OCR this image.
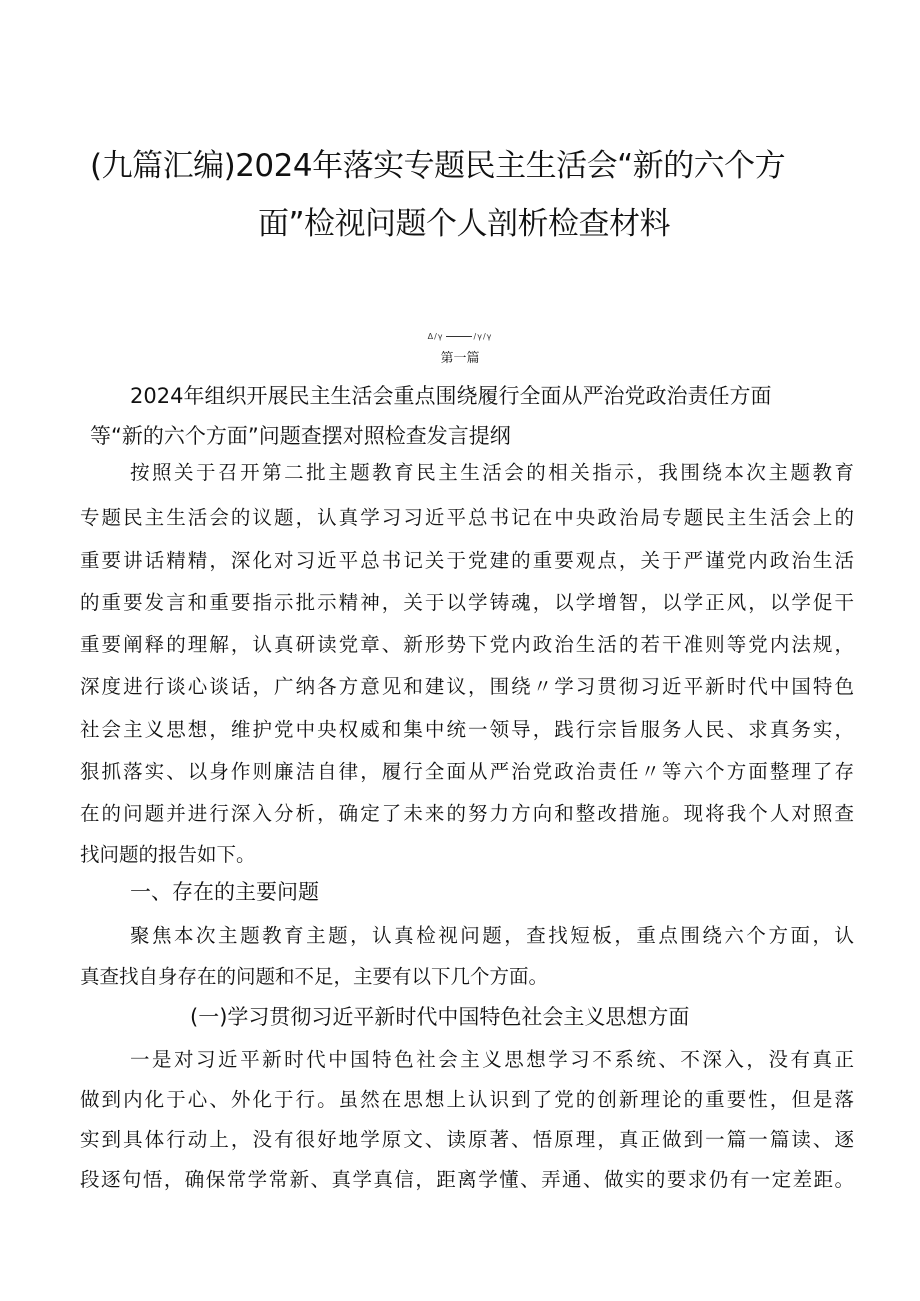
(九篇汇编)2024年落实专题民主生活会“新的六个方
面”检视问题个人剖析检查材料
Δ/γ	/γ/γ
第一篇
2024年组织开展民主生活会重点围绕履行全面从严治党政治责任方面
等“新的六个方面”问题查摆对照检查发言提纲
按照关于召开第二批主题教育民主生活会的相关指示，我围绕本次主题教育
专题民主生活会的议题，认真学习习近平总书记在中央政治局专题民主生活会上的
重要讲话精精，深化对习近平总书记关于党建的重要观点，关于严谨党内政治生活
的重要发言和重要指示批示精神，关于以学铸魂，以学增智，以学正风，以学促干
重要阐释的理解，认真研读党章、新形势下党内政治生活的若干准则等党内法规，
深度进行谈心谈话，广纳各方意见和建议，围绕〃学习贯彻习近平新时代中国特色
社会主义思想，维护党中央权威和集中统一领导，践行宗旨服务人民、求真务实，
狠抓落实、以身作则廉洁自律，履行全面从严治党政治责任〃等六个方面整理了存
在的问题并进行深入分析，确定了未来的努力方向和整改措施。现将我个人对照查
找问题的报告如下。
一、存在的主要问题
聚焦本次主题教育主题，认真检视问题，查找短板，重点围绕六个方面，认
真查找自身存在的问题和不足，主要有以下几个方面。
(一)学习贯彻习近平新时代中国特色社会主义思想方面
一是对习近平新时代中国特色社会主义思想学习不系统、不深入，没有真正
做到内化于心、外化于行。虽然在思想上认识到了党的创新理论的重要性，但是落
实到具体行动上，没有很好地学原文、读原著、悟原理，真正做到一篇一篇读、逐
段逐句悟，确保常学常新、真学真信，距离学懂、弄通、做实的要求仍有一定差距。
